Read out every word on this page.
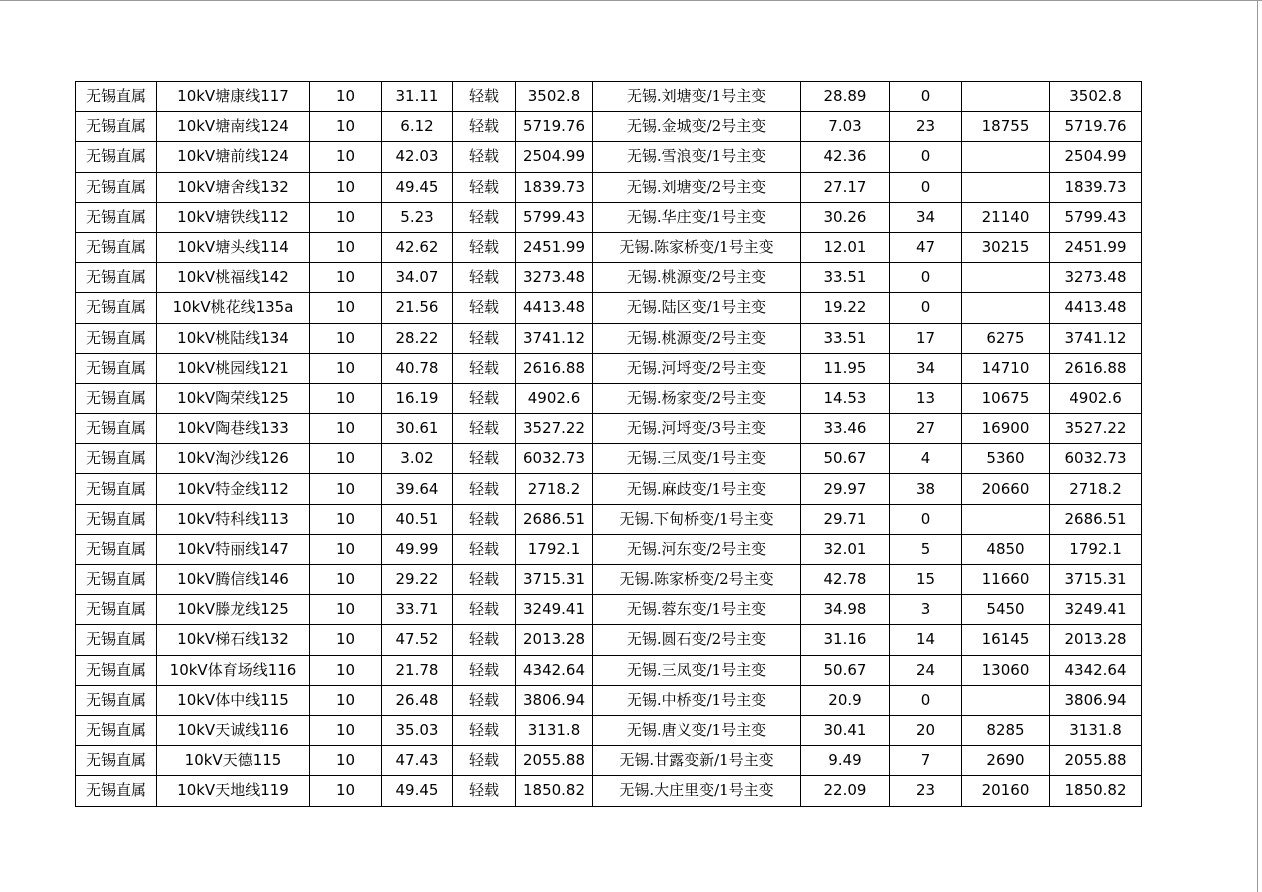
无锡直属	10kV塘康线117	10	31.11	轻载	3502.8	无锡.刘塘变/1号主变	28.89	0		3502.8
无锡直属	10kV塘南线124	10	6.12	轻载	5719.76	无锡.金城变/2号主变	7.03	23	18755	5719.76
无锡直属	10kV塘前线124	10	42.03	轻载	2504.99	无锡.雪浪变/1号主变	42.36	0		2504.99
无锡直属	10kV塘舍线132	10	49.45	轻载	1839.73	无锡.刘塘变/2号主变	27.17	0		1839.73
无锡直属	10kV塘铁线112	10	5.23	轻载	5799.43	无锡.华庄变/1号主变	30.26	34	21140	5799.43
无锡直属	10kV塘头线114	10	42.62	轻载	2451.99	无锡.陈家桥变/1号主变	12.01	47	30215	2451.99
无锡直属	10kV桃福线142	10	34.07	轻载	3273.48	无锡.桃源变/2号主变	33.51	0		3273.48
无锡直属	10kV桃花线135a	10	21.56	轻载	4413.48	无锡.陆区变/1号主变	19.22	0		4413.48
无锡直属	10kV桃陆线134	10	28.22	轻载	3741.12	无锡.桃源变/2号主变	33.51	17	6275	3741.12
无锡直属	10kV桃园线121	10	40.78	轻载	2616.88	无锡.河埒变/2号主变	11.95	34	14710	2616.88
无锡直属	10kV陶荣线125	10	16.19	轻载	4902.6	无锡.杨家变/2号主变	14.53	13	10675	4902.6
无锡直属	10kV陶巷线133	10	30.61	轻载	3527.22	无锡.河埒变/3号主变	33.46	27	16900	3527.22
无锡直属	10kV淘沙线126	10	3.02	轻载	6032.73	无锡.三凤变/1号主变	50.67	4	5360	6032.73
无锡直属	10kV特金线112	10	39.64	轻载	2718.2	无锡.麻歧变/1号主变	29.97	38	20660	2718.2
无锡直属	10kV特科线113	10	40.51	轻载	2686.51	无锡.下甸桥变/1号主变	29.71	0		2686.51
无锡直属	10kV特丽线147	10	49.99	轻载	1792.1	无锡.河东变/2号主变	32.01	5	4850	1792.1
无锡直属	10kV腾信线146	10	29.22	轻载	3715.31	无锡.陈家桥变/2号主变	42.78	15	11660	3715.31
无锡直属	10kV滕龙线125	10	33.71	轻载	3249.41	无锡.蓉东变/1号主变	34.98	3	5450	3249.41
无锡直属	10kV梯石线132	10	47.52	轻载	2013.28	无锡.圆石变/2号主变	31.16	14	16145	2013.28
无锡直属	10kV体育场线116	10	21.78	轻载	4342.64	无锡.三凤变/1号主变	50.67	24	13060	4342.64
无锡直属	10kV体中线115	10	26.48	轻载	3806.94	无锡.中桥变/1号主变	20.9	0		3806.94
无锡直属	10kV天诚线116	10	35.03	轻载	3131.8	无锡.唐义变/1号主变	30.41	20	8285	3131.8
无锡直属	10kV天德115	10	47.43	轻载	2055.88	无锡.甘露变新/1号主变	9.49	7	2690	2055.88
无锡直属	10kV天地线119	10	49.45	轻载	1850.82	无锡.大庄里变/1号主变	22.09	23	20160	1850.82
